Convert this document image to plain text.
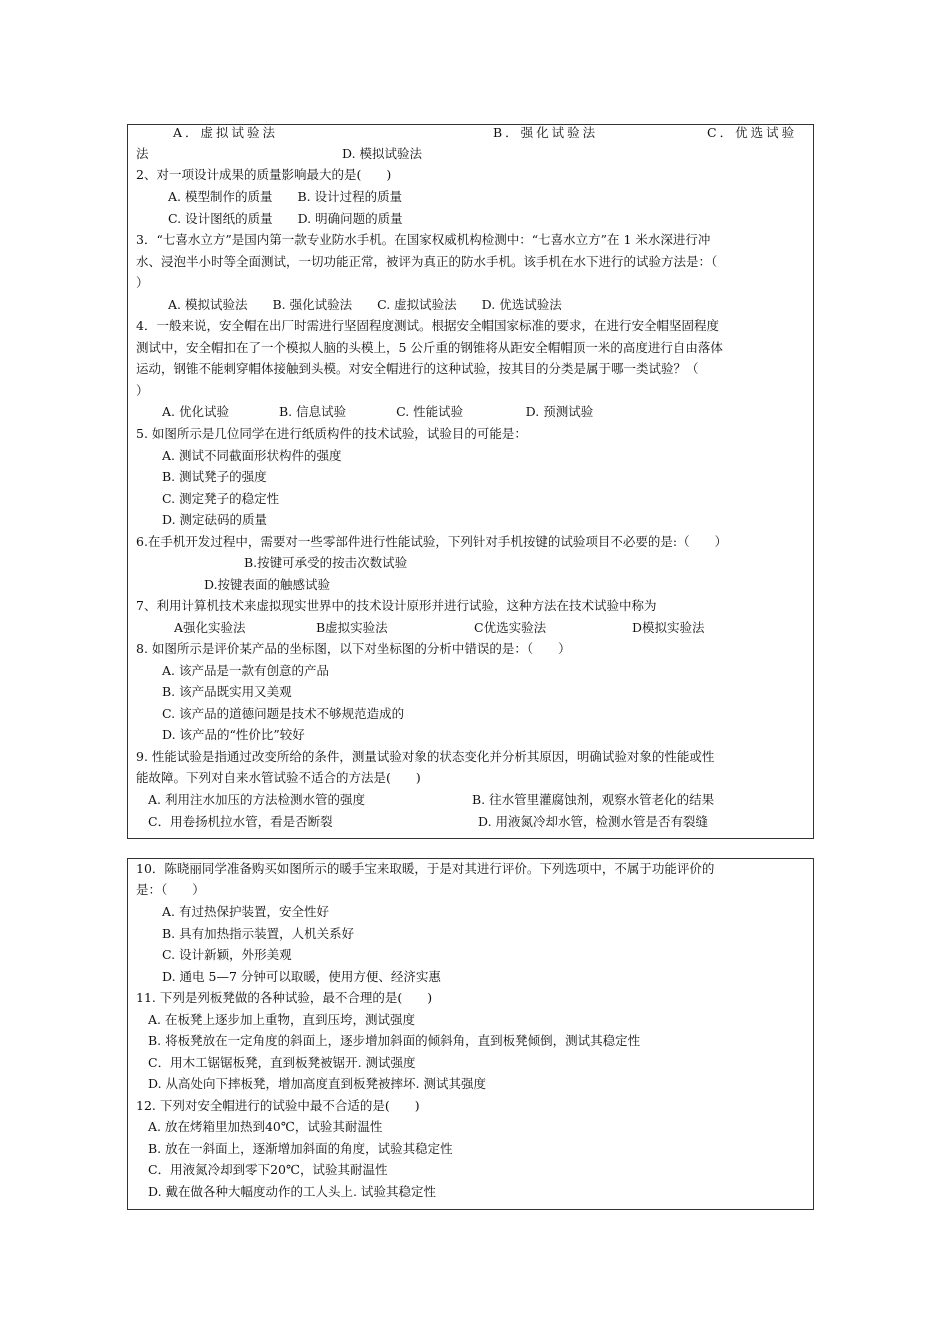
A．虚拟试验法	B．强化试验法	C．优选试验
法	D. 模拟试验法
2、对一项设计成果的质量影响最大的是(　　)
A. 模型制作的质量　　B. 设计过程的质量
C. 设计图纸的质量　　D. 明确问题的质量
3．“七喜水立方”是国内第一款专业防水手机。在国家权威机构检测中：“七喜水立方”在 1 米水深进行冲
水、浸泡半小时等全面测试，一切功能正常，被评为真正的防水手机。该手机在水下进行的试验方法是：（
）
A. 模拟试验法　　B. 强化试验法　　C. 虚拟试验法　　D. 优选试验法
4．一般来说，安全帽在出厂时需进行坚固程度测试。根据安全帽国家标准的要求，在进行安全帽坚固程度
测试中，安全帽扣在了一个模拟人脑的头模上，5 公斤重的钢锥将从距安全帽帽顶一米的高度进行自由落体
运动，钢锥不能刺穿帽体接触到头模。对安全帽进行的这种试验，按其目的分类是属于哪一类试验？（
）
A. 优化试验　　　　B. 信息试验　　　　C. 性能试验　　　　　D. 预测试验
5. 如图所示是几位同学在进行纸质构件的技术试验，试验目的可能是：
A. 测试不同截面形状构件的强度
B. 测试凳子的强度
C. 测定凳子的稳定性
D. 测定砝码的质量
6.在手机开发过程中，需要对一些零部件进行性能试验，下列针对手机按键的试验项目不必要的是:（　　）
B.按键可承受的按击次数试验
D.按键表面的触感试验
7、利用计算机技术来虚拟现实世界中的技术设计原形并进行试验，这种方法在技术试验中称为
A强化实验法	B虚拟实验法	C优选实验法	D模拟实验法
8. 如图所示是评价某产品的坐标图，以下对坐标图的分析中错误的是：（　　）
A. 该产品是一款有创意的产品
B. 该产品既实用又美观
C. 该产品的道德问题是技术不够规范造成的
D. 该产品的“性价比”较好
9. 性能试验是指通过改变所给的条件，测量试验对象的状态变化并分析其原因，明确试验对象的性能或性
能故障。下列对自来水管试验不适合的方法是(　　)
A. 利用注水加压的方法检测水管的强度	B. 往水管里灌腐蚀剂，观察水管老化的结果
C．用卷扬机拉水管，看是否断裂	D. 用液氮冷却水管，检测水管是否有裂缝
10．陈晓丽同学准备购买如图所示的暖手宝来取暖，于是对其进行评价。下列选项中，不属于功能评价的
是：（　　）
A. 有过热保护装置，安全性好
B. 具有加热指示装置，人机关系好
C. 设计新颖，外形美观
D. 通电 5—7 分钟可以取暖，使用方便、经济实惠
11. 下列是列板凳做的各种试验，最不合理的是(　　)
A. 在板凳上逐步加上重物，直到压垮，测试强度
B. 将板凳放在一定角度的斜面上，逐步增加斜面的倾斜角，直到板凳倾倒，测试其稳定性
C．用木工锯锯板凳，直到板凳被锯开. 测试强度
D. 从高处向下摔板凳，增加高度直到板凳被摔坏. 测试其强度
12. 下列对安全帽进行的试验中最不合适的是(　　)
A. 放在烤箱里加热到40℃，试验其耐温性
B. 放在一斜面上，逐渐增加斜面的角度，试验其稳定性
C．用液氮冷却到零下20℃，试验其耐温性
D. 戴在做各种大幅度动作的工人头上. 试验其稳定性
